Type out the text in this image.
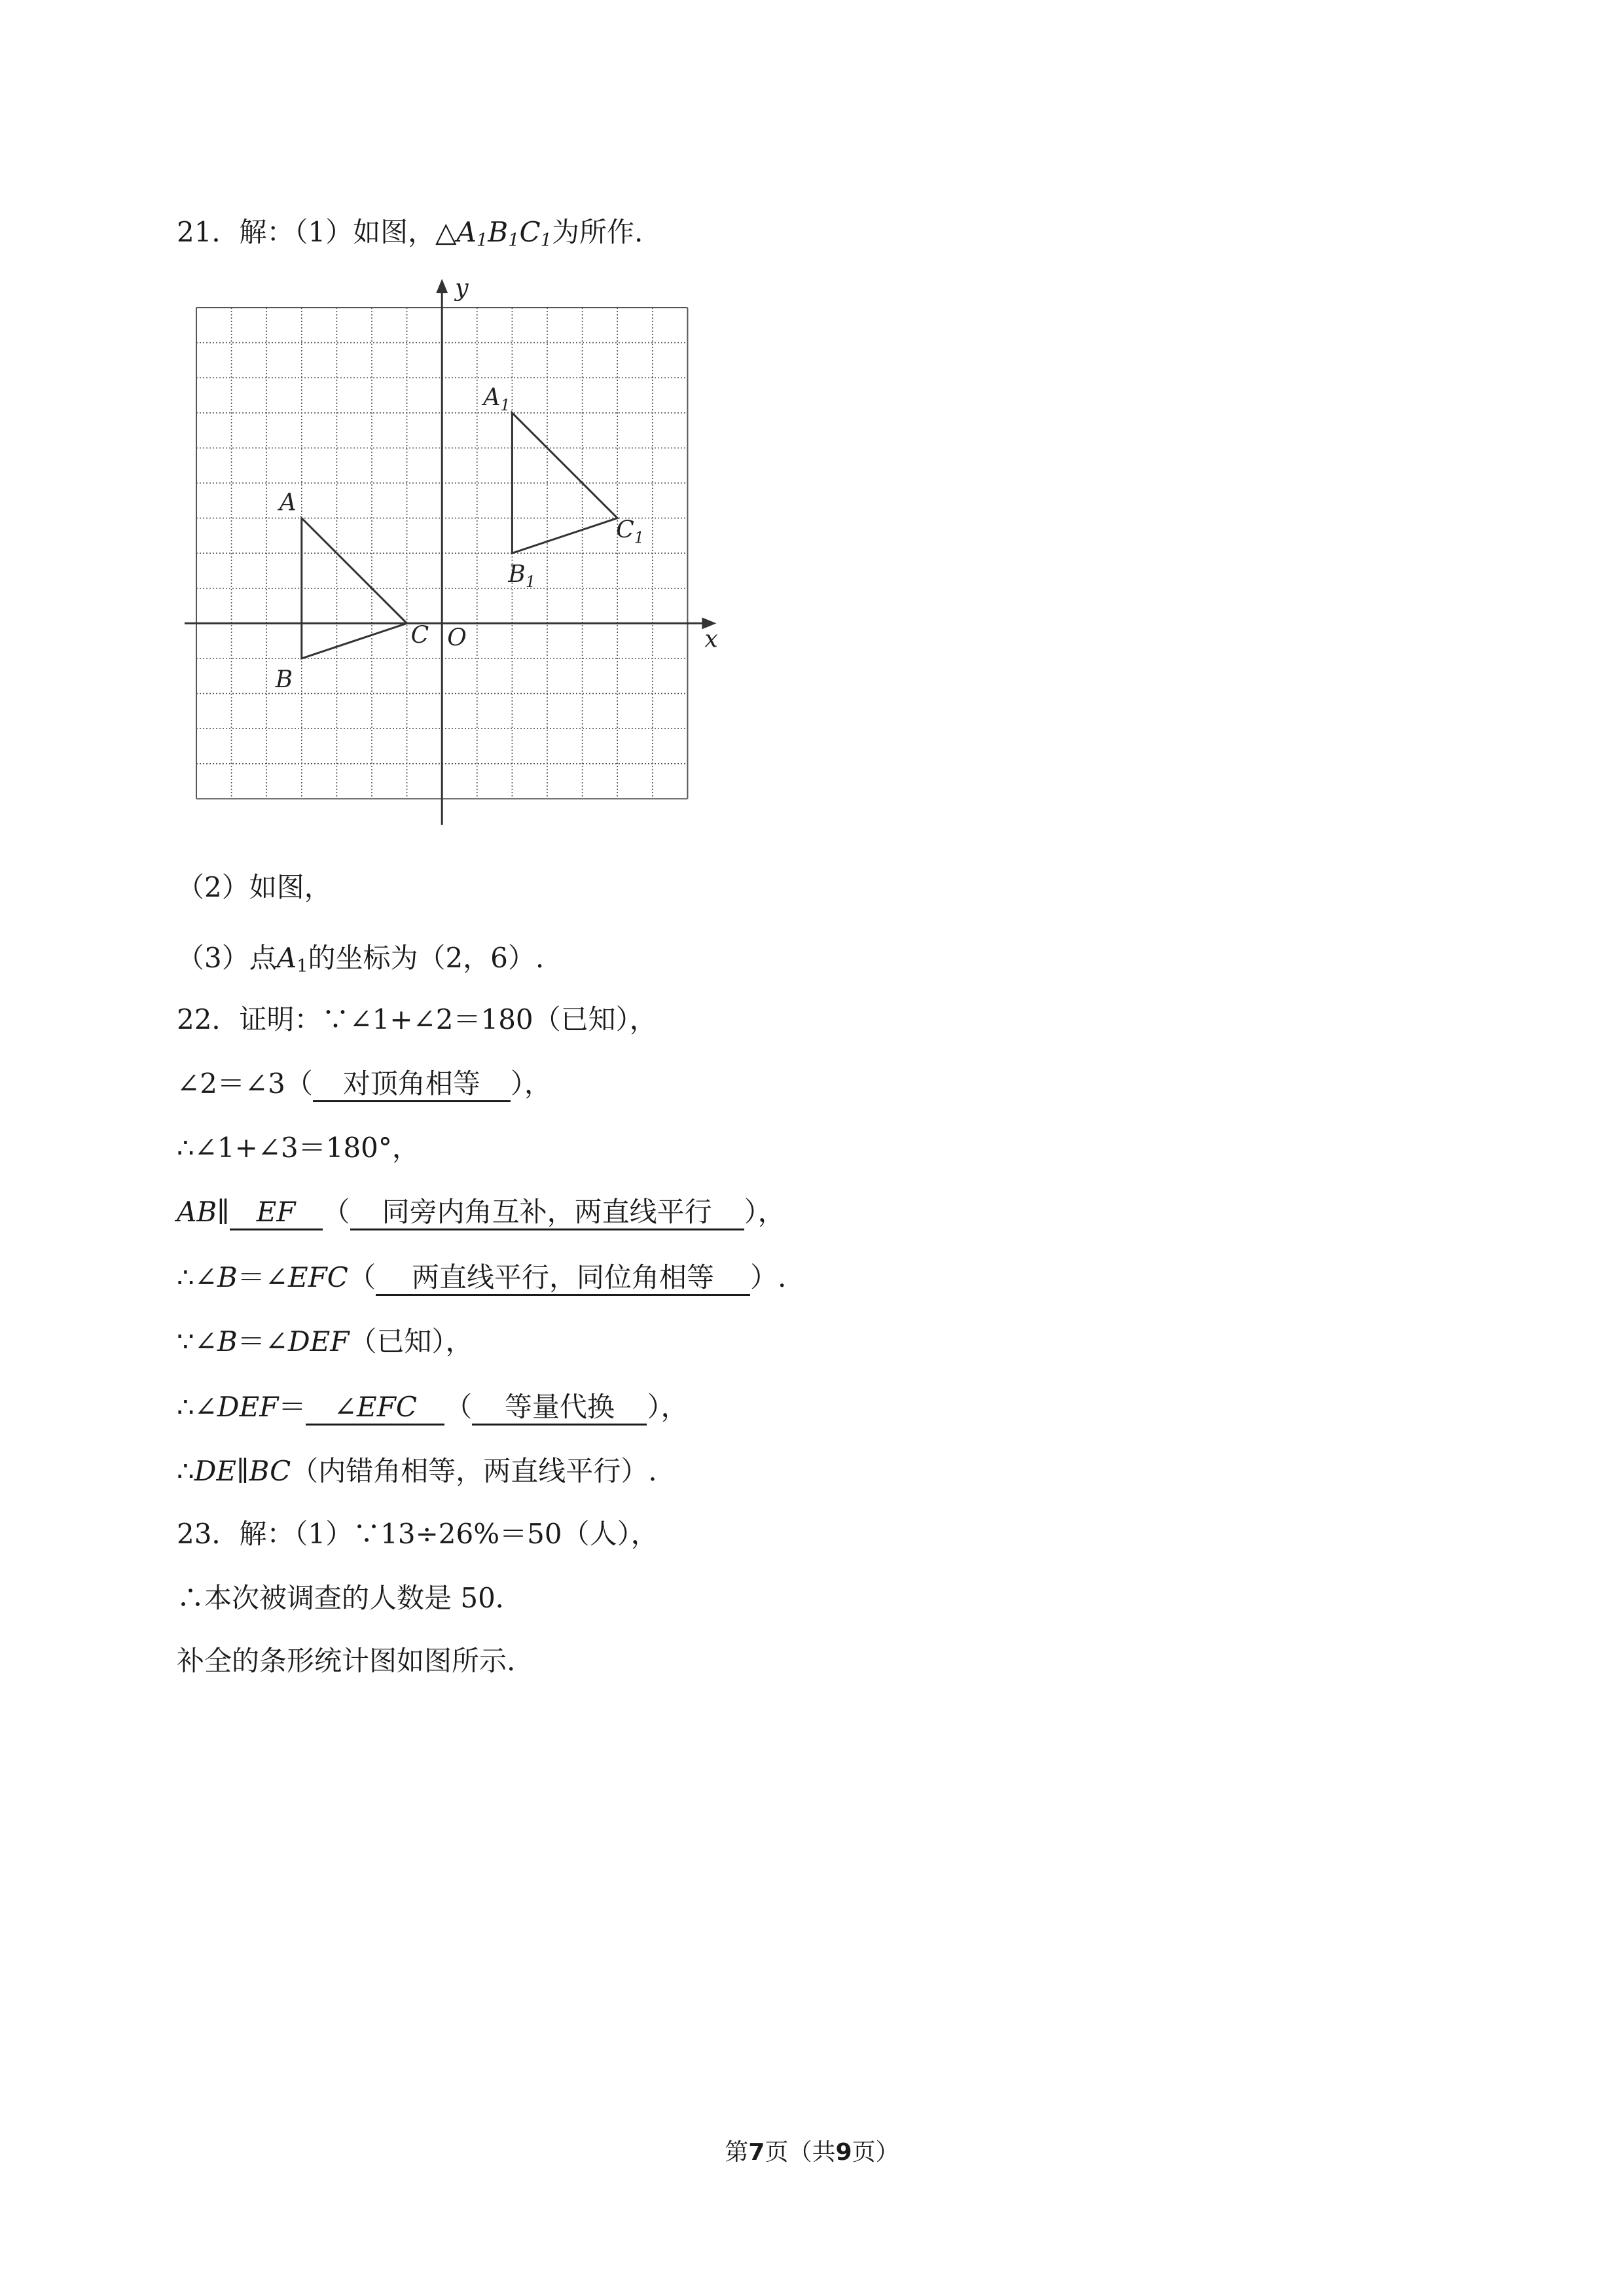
21．解：（1）如图，$\triangle A_1B_1C_1$为所作.
A
B
C
$A_1$
$B_1$
$C_1$
O	x
y
（2）如图，
（3）点$A_1$的坐标为（2，6）.
22．证明：∵∠1+∠2＝180（已知），
∠2＝∠3（ 对顶角相等 ），
∴∠1+∠3＝180°，
AB∥ EF （ 同旁内角互补，两直线平行 ），
∴∠B＝∠EFC（ 两直线平行，同位角相等 ）.
∵∠B＝∠DEF（已知），
∴∠DEF＝ ∠EFC （ 等量代换 ），
∴DE∥BC（内错角相等，两直线平行）.
23．解：（1）∵13÷26%＝50（人），
∴本次被调查的人数是 50．
补全的条形统计图如图所示.
第7页（共9页）
